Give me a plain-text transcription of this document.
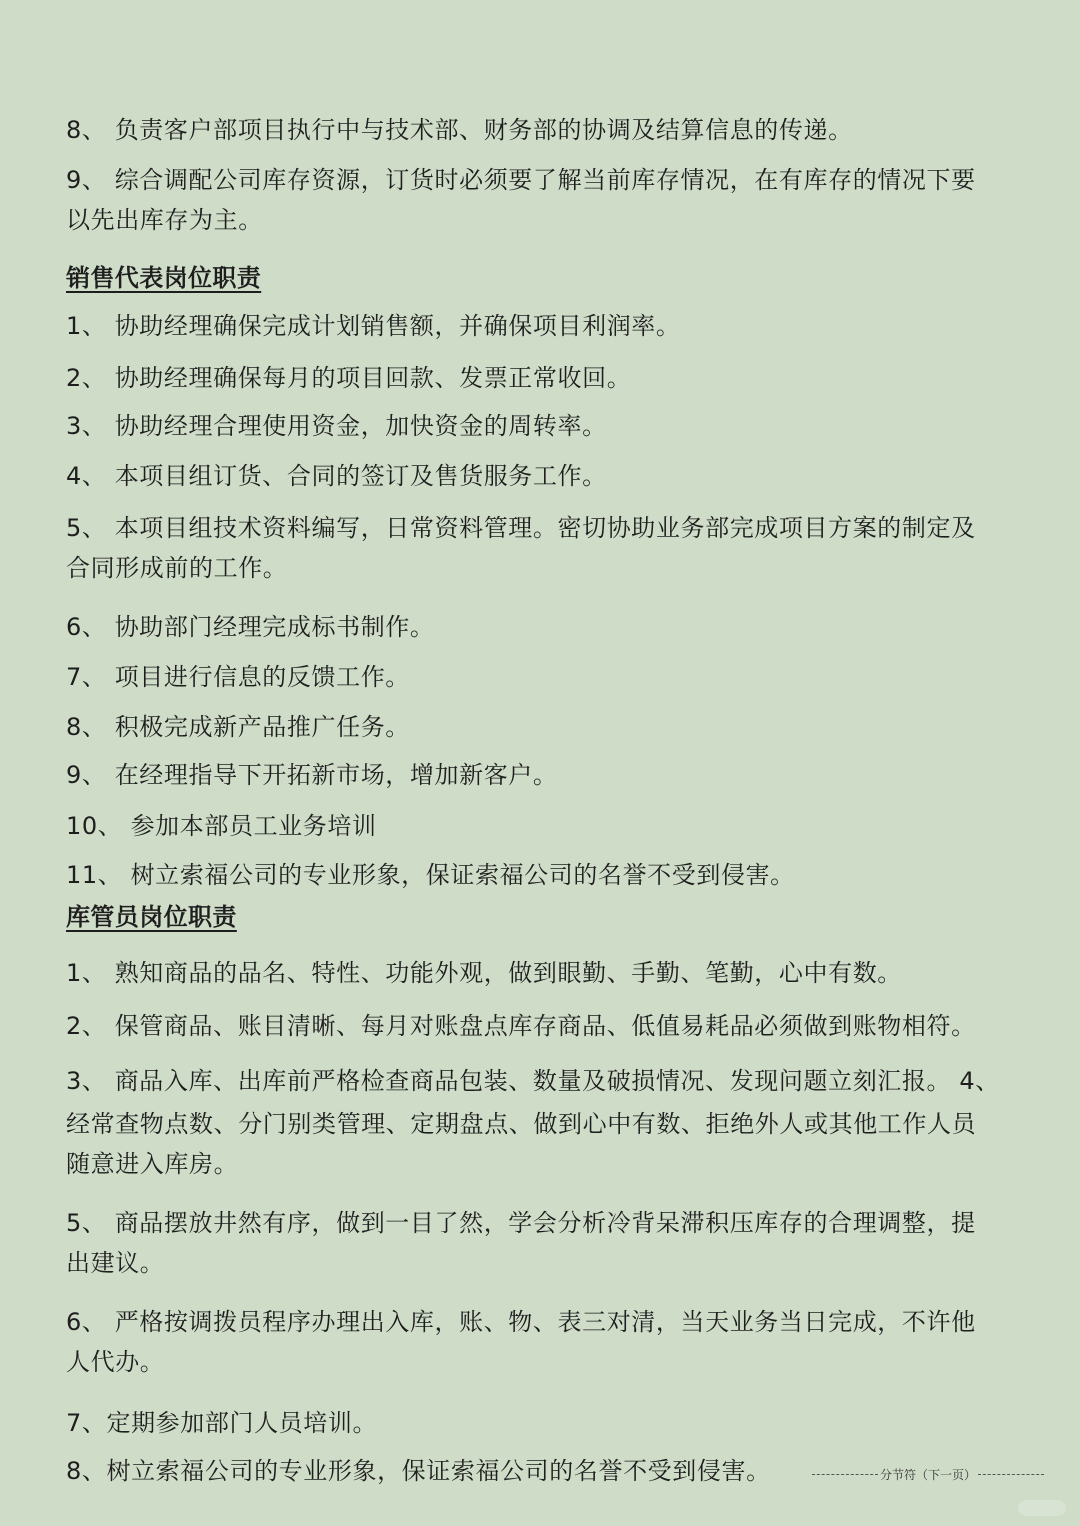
8、 负责客户部项目执行中与技术部、财务部的协调及结算信息的传递。
9、 综合调配公司库存资源，订货时必须要了解当前库存情况，在有库存的情况下要
以先出库存为主。
销售代表岗位职责
1、 协助经理确保完成计划销售额，并确保项目利润率。
2、 协助经理确保每月的项目回款、发票正常收回。
3、 协助经理合理使用资金，加快资金的周转率。
4、 本项目组订货、合同的签订及售货服务工作。
5、 本项目组技术资料编写，日常资料管理。密切协助业务部完成项目方案的制定及
合同形成前的工作。
6、 协助部门经理完成标书制作。
7、 项目进行信息的反馈工作。
8、 积极完成新产品推广任务。
9、 在经理指导下开拓新市场，增加新客户。
10、 参加本部员工业务培训
11、 树立索福公司的专业形象，保证索福公司的名誉不受到侵害。
库管员岗位职责
1、 熟知商品的品名、特性、功能外观，做到眼勤、手勤、笔勤，心中有数。
2、 保管商品、账目清晰、每月对账盘点库存商品、低值易耗品必须做到账物相符。
3、 商品入库、出库前严格检查商品包装、数量及破损情况、发现问题立刻汇报。 4、
经常查物点数、分门别类管理、定期盘点、做到心中有数、拒绝外人或其他工作人员
随意进入库房。
5、 商品摆放井然有序，做到一目了然，学会分析冷背呆滞积压库存的合理调整，提
出建议。
6、 严格按调拨员程序办理出入库，账、物、表三对清，当天业务当日完成，不许他
人代办。
7、定期参加部门人员培训。
8、树立索福公司的专业形象，保证索福公司的名誉不受到侵害。	分节符（下一页）
